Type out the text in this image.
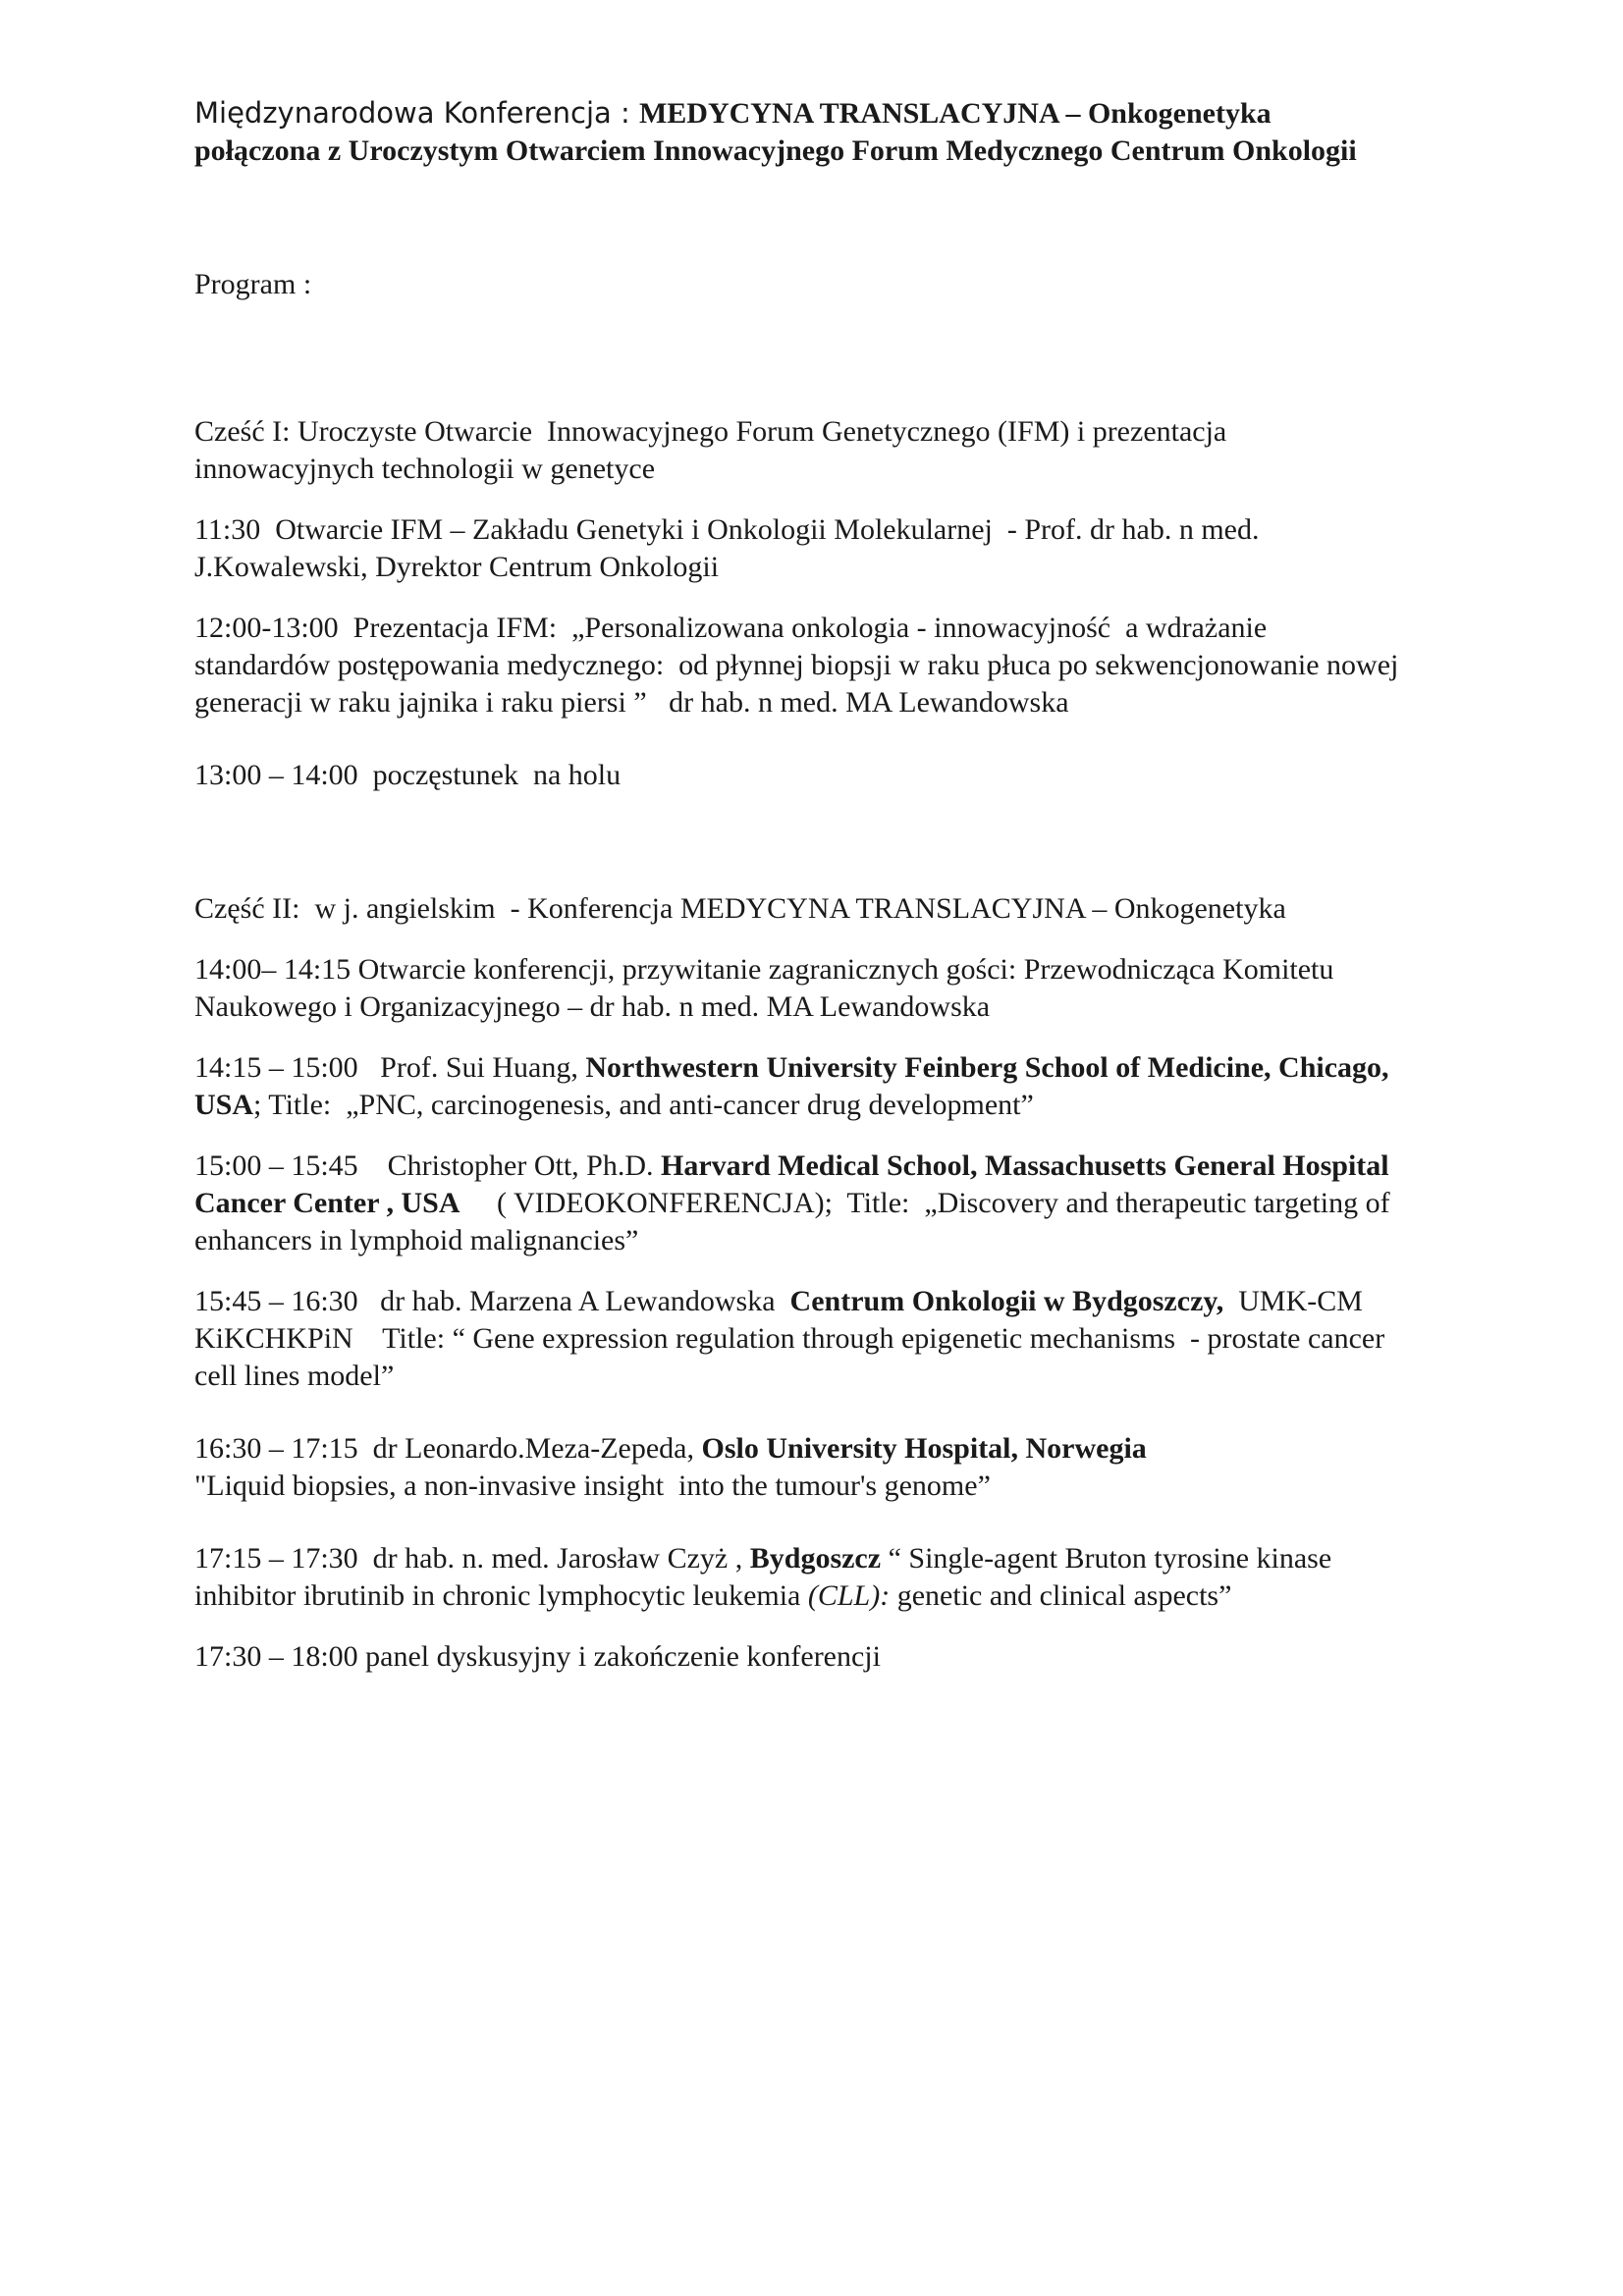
Międzynarodowa Konferencja : MEDYCYNA TRANSLACYJNA – Onkogenetyka

połączona z Uroczystym Otwarciem Innowacyjnego Forum Medycznego Centrum Onkologii

Program :

Cześć I: Uroczyste Otwarcie  Innowacyjnego Forum Genetycznego (IFM) i prezentacja

innowacyjnych technologii w genetyce

11:30  Otwarcie IFM – Zakładu Genetyki i Onkologii Molekularnej  - Prof. dr hab. n med.

J.Kowalewski, Dyrektor Centrum Onkologii

12:00-13:00  Prezentacja IFM:  „Personalizowana onkologia - innowacyjność  a wdrażanie

standardów postępowania medycznego:  od płynnej biopsji w raku płuca po sekwencjonowanie nowej

generacji w raku jajnika i raku piersi ”   dr hab. n med. MA Lewandowska

13:00 – 14:00  poczęstunek  na holu

Część II:  w j. angielskim  - Konferencja MEDYCYNA TRANSLACYJNA – Onkogenetyka

14:00– 14:15 Otwarcie konferencji, przywitanie zagranicznych gości: Przewodnicząca Komitetu

Naukowego i Organizacyjnego – dr hab. n med. MA Lewandowska

14:15 – 15:00   Prof. Sui Huang, Northwestern University Feinberg School of Medicine, Chicago,

USA; Title:  „PNC, carcinogenesis, and anti-cancer drug development”

15:00 – 15:45    Christopher Ott, Ph.D. Harvard Medical School, Massachusetts General Hospital

Cancer Center , USA     ( VIDEOKONFERENCJA);  Title:  „Discovery and therapeutic targeting of

enhancers in lymphoid malignancies”

15:45 – 16:30   dr hab. Marzena A Lewandowska  Centrum Onkologii w Bydgoszczy,  UMK-CM

KiKCHKPiN    Title: “ Gene expression regulation through epigenetic mechanisms  - prostate cancer

cell lines model”

16:30 – 17:15  dr Leonardo.Meza-Zepeda, Oslo University Hospital, Norwegia

"Liquid biopsies, a non-invasive insight  into the tumour's genome”

17:15 – 17:30  dr hab. n. med. Jarosław Czyż , Bydgoszcz “ Single-agent Bruton tyrosine kinase

inhibitor ibrutinib in chronic lymphocytic leukemia (CLL): genetic and clinical aspects”

17:30 – 18:00 panel dyskusyjny i zakończenie konferencji
